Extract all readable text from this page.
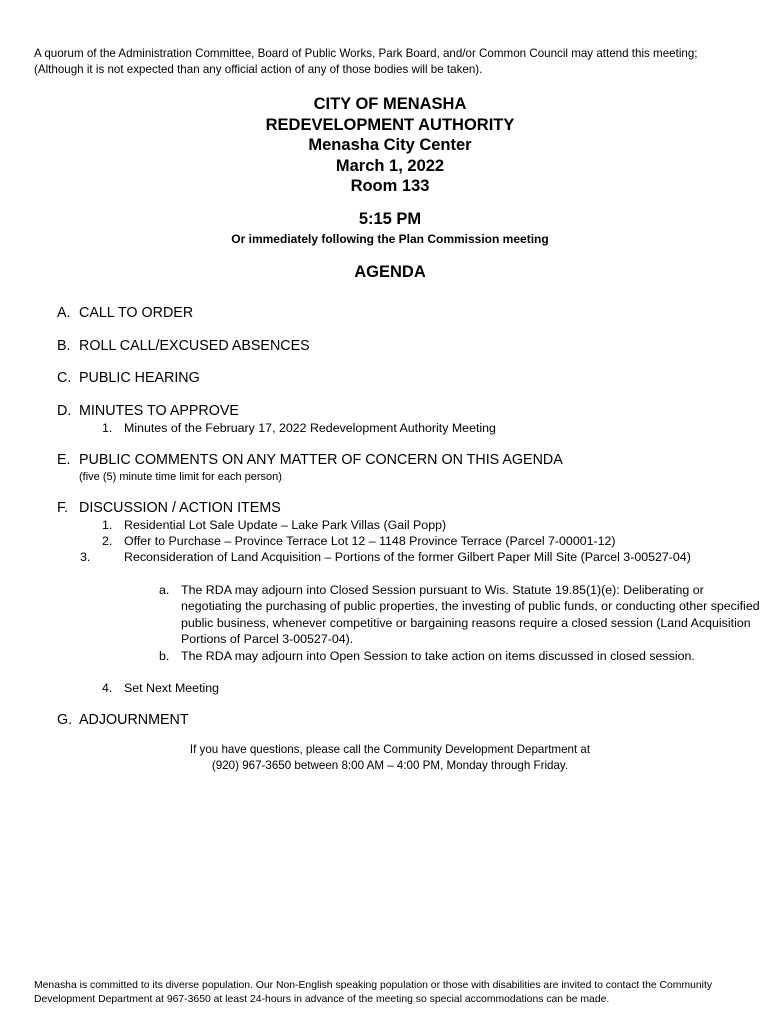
A quorum of the Administration Committee, Board of Public Works, Park Board, and/or Common Council may attend this meeting; (Although it is not expected than any official action of any of those bodies will be taken).
CITY OF MENASHA
REDEVELOPMENT AUTHORITY
Menasha City Center
March 1, 2022
Room 133
5:15 PM
Or immediately following the Plan Commission meeting
AGENDA
A. CALL TO ORDER
B. ROLL CALL/EXCUSED ABSENCES
C. PUBLIC HEARING
D. MINUTES TO APPROVE
1. Minutes of the February 17, 2022 Redevelopment Authority Meeting
E. PUBLIC COMMENTS ON ANY MATTER OF CONCERN ON THIS AGENDA
(five (5) minute time limit for each person)
F. DISCUSSION / ACTION ITEMS
1. Residential Lot Sale Update – Lake Park Villas (Gail Popp)
2. Offer to Purchase – Province Terrace Lot 12 – 1148 Province Terrace (Parcel 7-00001-12)
3.	Reconsideration of Land Acquisition – Portions of the former Gilbert Paper Mill Site (Parcel 3-00527-04)
a. The RDA may adjourn into Closed Session pursuant to Wis. Statute 19.85(1)(e): Deliberating or negotiating the purchasing of public properties, the investing of public funds, or conducting other specified public business, whenever competitive or bargaining reasons require a closed session (Land Acquisition Portions of Parcel 3-00527-04).
b. The RDA may adjourn into Open Session to take action on items discussed in closed session.
4. Set Next Meeting
G. ADJOURNMENT
If you have questions, please call the Community Development Department at
(920) 967-3650 between 8:00 AM – 4:00 PM, Monday through Friday.
Menasha is committed to its diverse population. Our Non-English speaking population or those with disabilities are invited to contact the Community Development Department at 967-3650 at least 24-hours in advance of the meeting so special accommodations can be made.
